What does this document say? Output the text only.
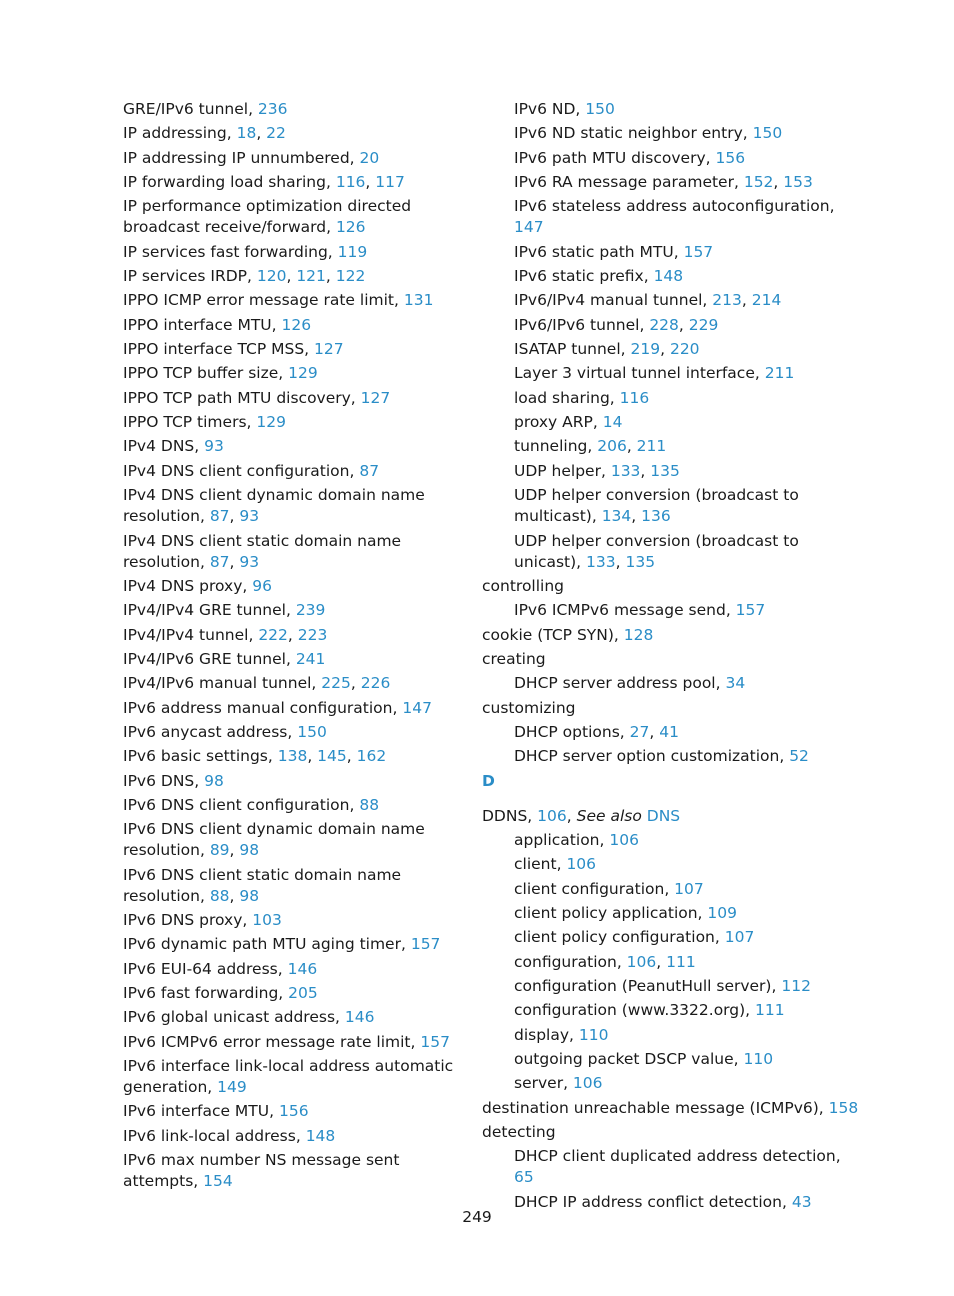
GRE/IPv6 tunnel, 236
IP addressing, 18, 22
IP addressing IP unnumbered, 20
IP forwarding load sharing, 116, 117
IP performance optimization directed broadcast receive/forward, 126
IP services fast forwarding, 119
IP services IRDP, 120, 121, 122
IPPO ICMP error message rate limit, 131
IPPO interface MTU, 126
IPPO interface TCP MSS, 127
IPPO TCP buffer size, 129
IPPO TCP path MTU discovery, 127
IPPO TCP timers, 129
IPv4 DNS, 93
IPv4 DNS client configuration, 87
IPv4 DNS client dynamic domain name resolution, 87, 93
IPv4 DNS client static domain name resolution, 87, 93
IPv4 DNS proxy, 96
IPv4/IPv4 GRE tunnel, 239
IPv4/IPv4 tunnel, 222, 223
IPv4/IPv6 GRE tunnel, 241
IPv4/IPv6 manual tunnel, 225, 226
IPv6 address manual configuration, 147
IPv6 anycast address, 150
IPv6 basic settings, 138, 145, 162
IPv6 DNS, 98
IPv6 DNS client configuration, 88
IPv6 DNS client dynamic domain name resolution, 89, 98
IPv6 DNS client static domain name resolution, 88, 98
IPv6 DNS proxy, 103
IPv6 dynamic path MTU aging timer, 157
IPv6 EUI-64 address, 146
IPv6 fast forwarding, 205
IPv6 global unicast address, 146
IPv6 ICMPv6 error message rate limit, 157
IPv6 interface link-local address automatic generation, 149
IPv6 interface MTU, 156
IPv6 link-local address, 148
IPv6 max number NS message sent attempts, 154
IPv6 ND, 150
IPv6 ND static neighbor entry, 150
IPv6 path MTU discovery, 156
IPv6 RA message parameter, 152, 153
IPv6 stateless address autoconfiguration, 147
IPv6 static path MTU, 157
IPv6 static prefix, 148
IPv6/IPv4 manual tunnel, 213, 214
IPv6/IPv6 tunnel, 228, 229
ISATAP tunnel, 219, 220
Layer 3 virtual tunnel interface, 211
load sharing, 116
proxy ARP, 14
tunneling, 206, 211
UDP helper, 133, 135
UDP helper conversion (broadcast to multicast), 134, 136
UDP helper conversion (broadcast to unicast), 133, 135
controlling
IPv6 ICMPv6 message send, 157
cookie (TCP SYN), 128
creating
DHCP server address pool, 34
customizing
DHCP options, 27, 41
DHCP server option customization, 52
D
DDNS, 106, See also DNS
application, 106
client, 106
client configuration, 107
client policy application, 109
client policy configuration, 107
configuration, 106, 111
configuration (PeanutHull server), 112
configuration (www.3322.org), 111
display, 110
outgoing packet DSCP value, 110
server, 106
destination unreachable message (ICMPv6), 158
detecting
DHCP client duplicated address detection, 65
DHCP IP address conflict detection, 43
249
